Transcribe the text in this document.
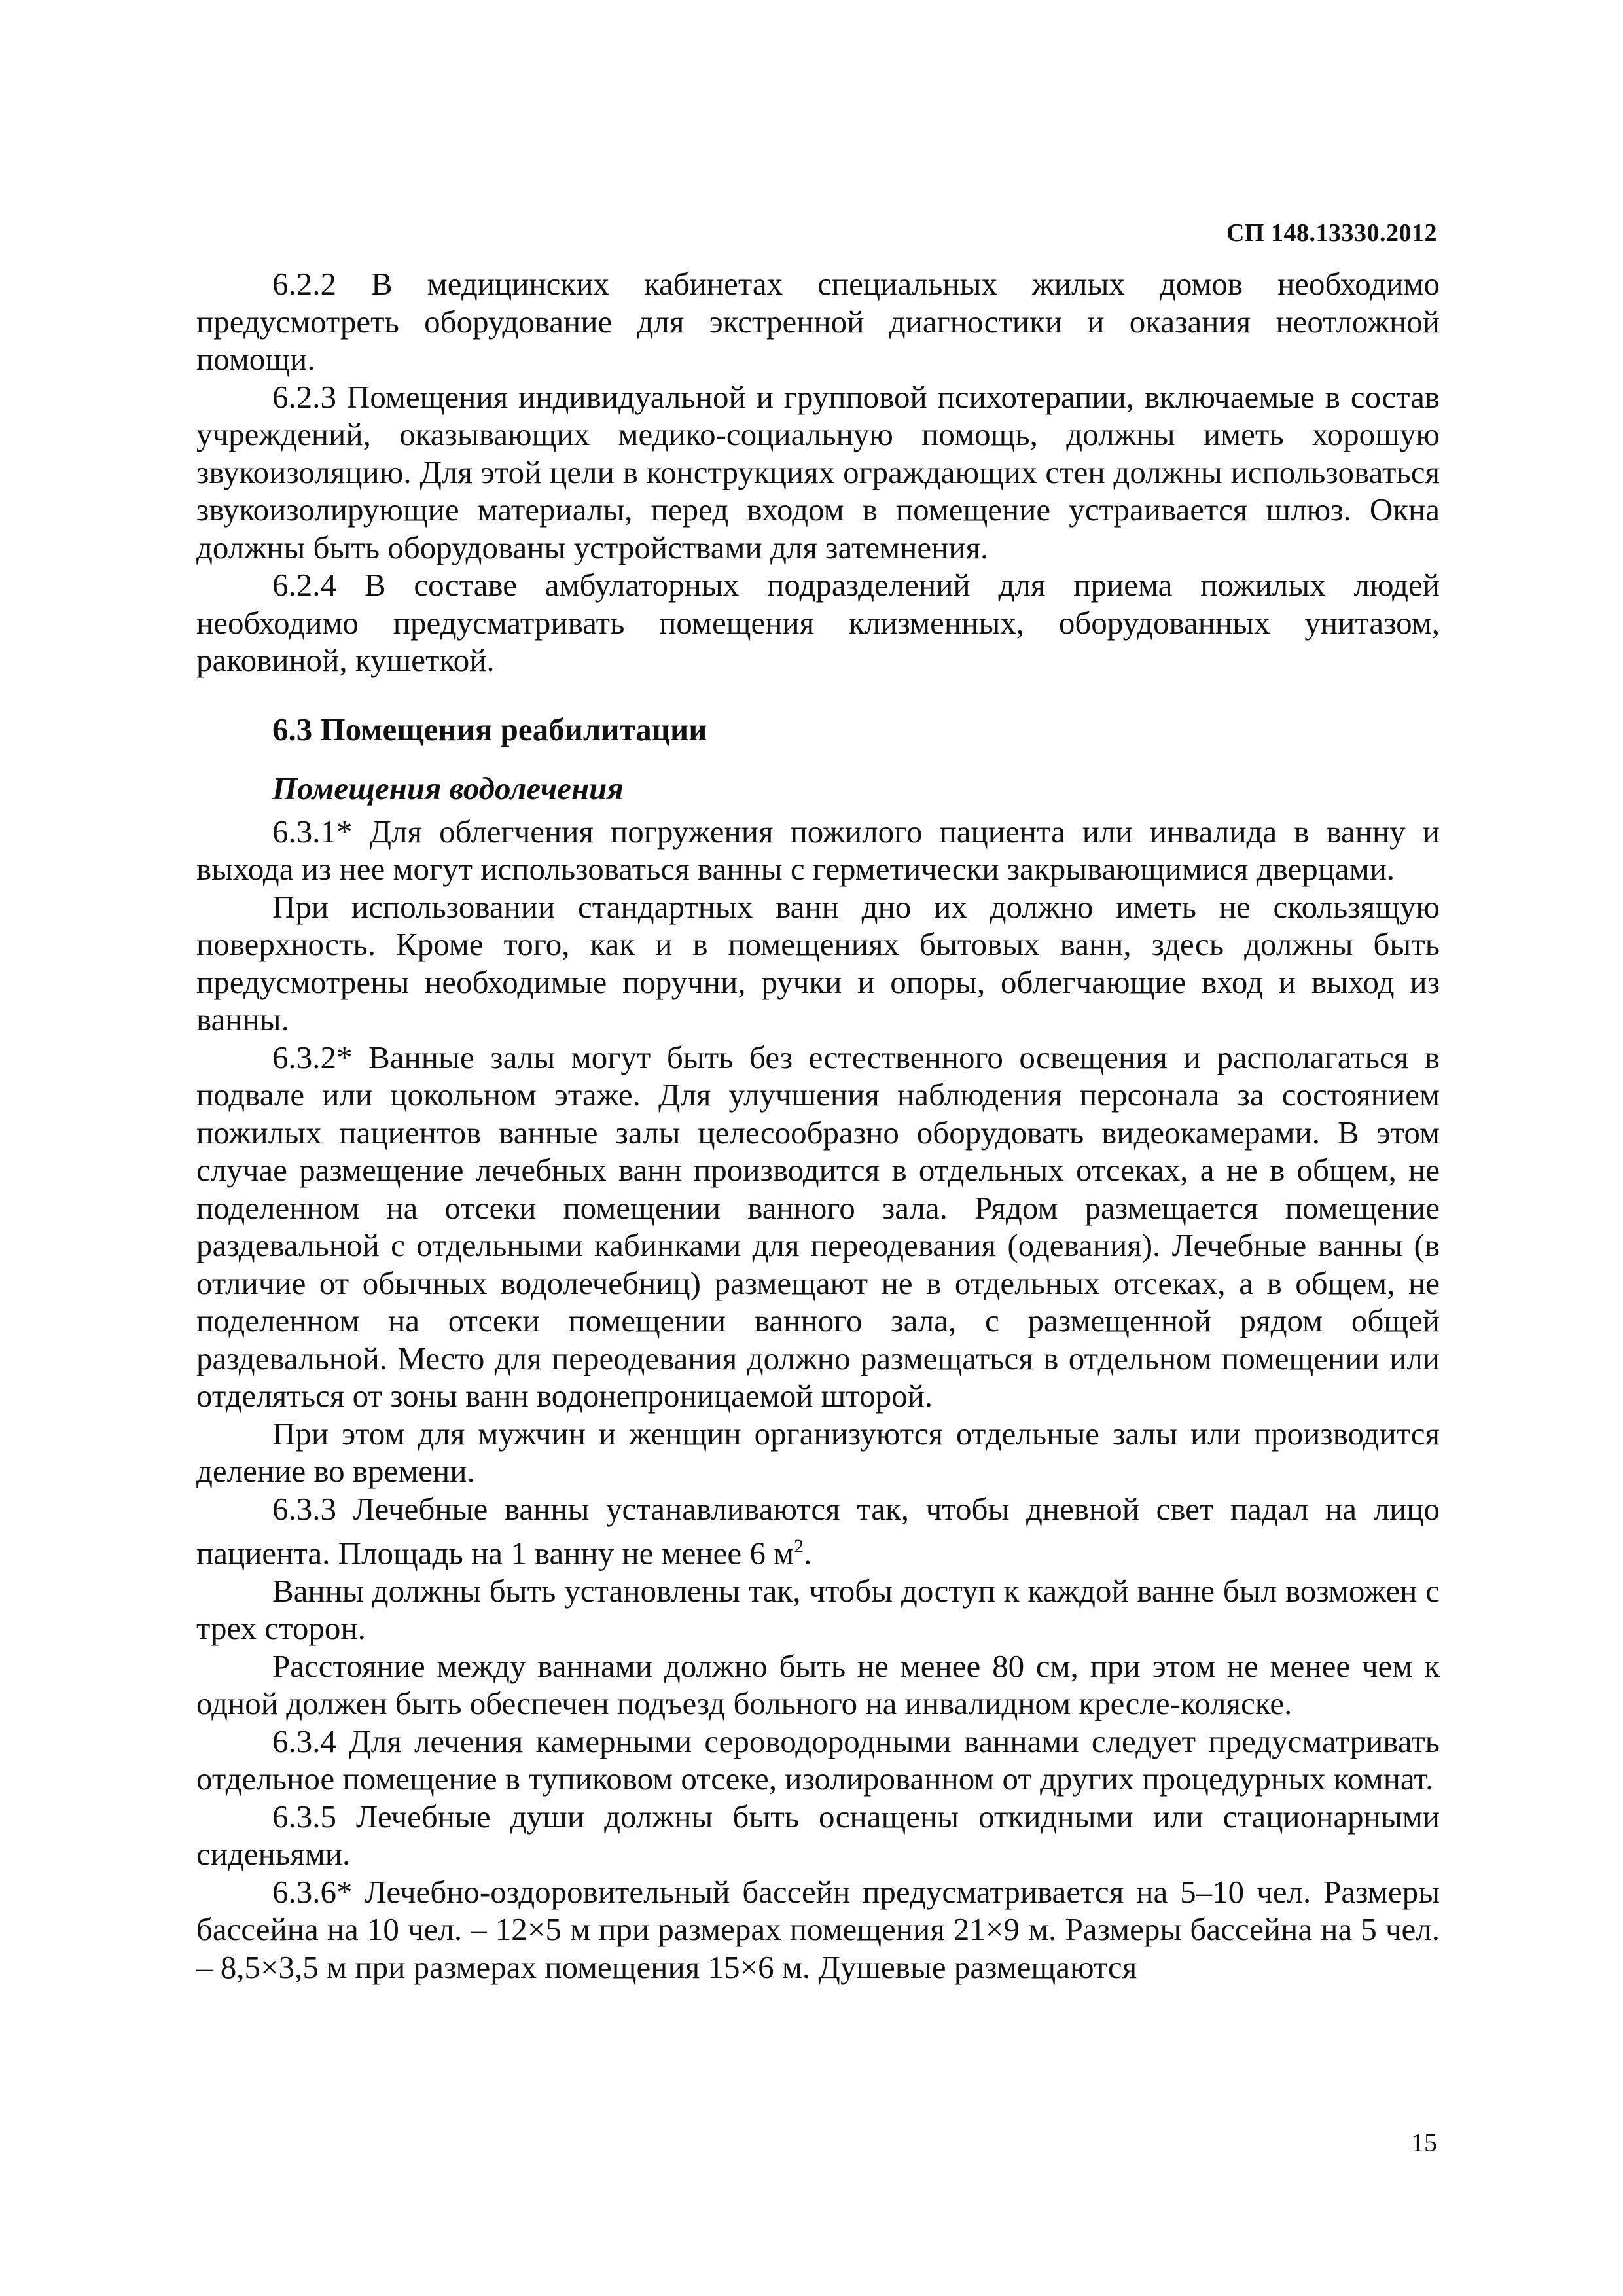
СП 148.13330.2012

6.2.2 В медицинских кабинетах специальных жилых домов необходимо предусмотреть оборудование для экстренной диагностики и оказания неотложной помощи.

6.2.3 Помещения индивидуальной и групповой психотерапии, включаемые в состав учреждений, оказывающих медико-социальную помощь, должны иметь хорошую звукоизоляцию. Для этой цели в конструкциях ограждающих стен должны использоваться звукоизолирующие материалы, перед входом в помещение устраивается шлюз. Окна должны быть оборудованы устройствами для затемнения.

6.2.4 В составе амбулаторных подразделений для приема пожилых людей необходимо предусматривать помещения клизменных, оборудованных унитазом, раковиной, кушеткой.

6.3 Помещения реабилитации
Помещения водолечения

6.3.1* Для облегчения погружения пожилого пациента или инвалида в ванну и выхода из нее могут использоваться ванны с герметически закрывающимися дверцами.

При использовании стандартных ванн дно их должно иметь не скользящую поверхность. Кроме того, как и в помещениях бытовых ванн, здесь должны быть предусмотрены необходимые поручни, ручки и опоры, облегчающие вход и выход из ванны.

6.3.2* Ванные залы могут быть без естественного освещения и располагаться в подвале или цокольном этаже. Для улучшения наблюдения персонала за состоянием пожилых пациентов ванные залы целесообразно оборудовать видеокамерами. В этом случае размещение лечебных ванн производится в отдельных отсеках, а не в общем, не поделенном на отсеки помещении ванного зала. Рядом размещается помещение раздевальной с отдельными кабинками для переодевания (одевания). Лечебные ванны (в отличие от обычных водолечебниц) размещают не в отдельных отсеках, а в общем, не поделенном на отсеки помещении ванного зала, с размещенной рядом общей раздевальной. Место для переодевания должно размещаться в отдельном помещении или отделяться от зоны ванн водонепроницаемой шторой.

При этом для мужчин и женщин организуются отдельные залы или производится деление во времени.

6.3.3 Лечебные ванны устанавливаются так, чтобы дневной свет падал на лицо пациента. Площадь на 1 ванну не менее 6 $м^2$.

Ванны должны быть установлены так, чтобы доступ к каждой ванне был возможен с трех сторон.

Расстояние между ваннами должно быть не менее 80 см, при этом не менее чем к одной должен быть обеспечен подъезд больного на инвалидном кресле-коляске.

6.3.4 Для лечения камерными сероводородными ваннами следует предусматривать отдельное помещение в тупиковом отсеке, изолированном от других процедурных комнат.

6.3.5 Лечебные души должны быть оснащены откидными или стационарными сиденьями.

6.3.6* Лечебно-оздоровительный бассейн предусматривается на 5–10 чел. Размеры бассейна на 10 чел. – 12×5 м при размерах помещения 21×9 м. Размеры бассейна на 5 чел. – 8,5×3,5 м при размерах помещения 15×6 м. Душевые размещаются

15
